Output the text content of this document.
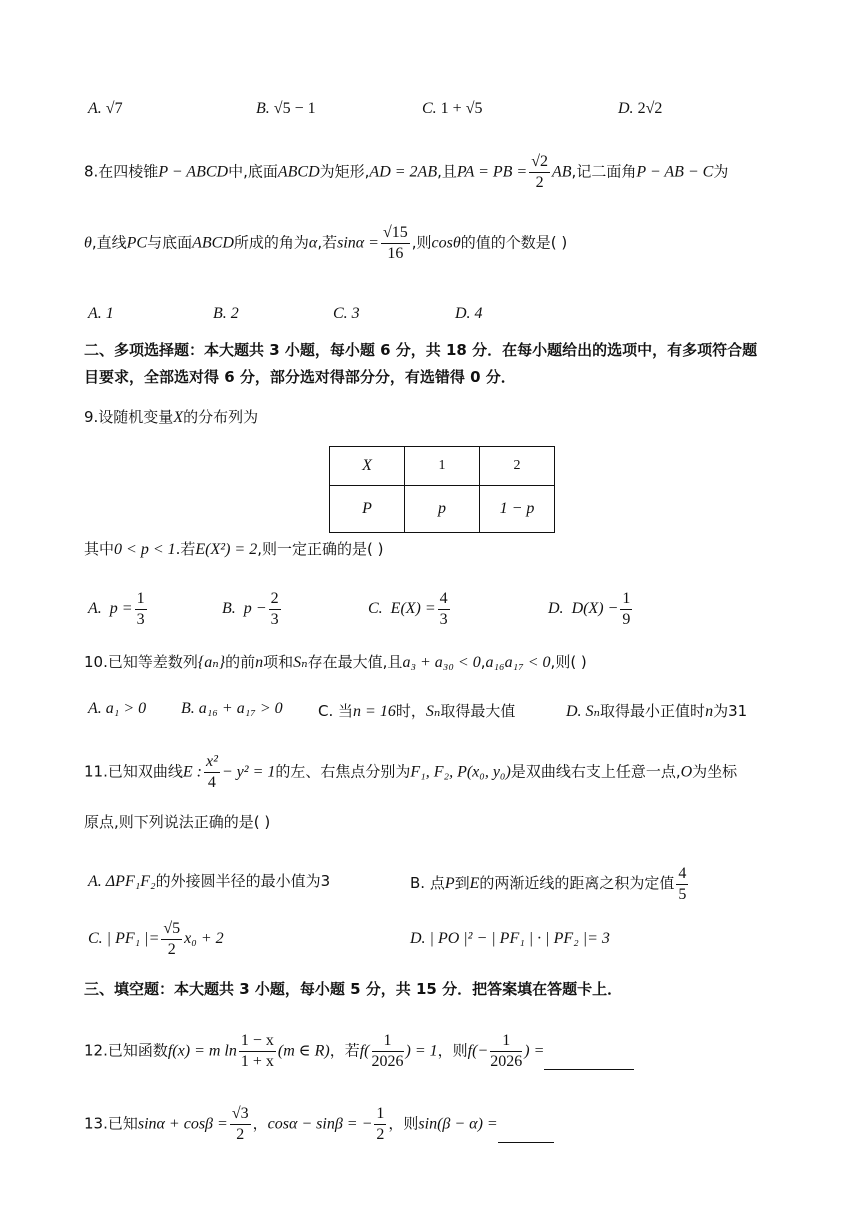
A. √7	B. √5 − 1	C. 1 + √5	D. 2√2
8.在四棱锥P − ABCD中,底面ABCD为矩形,AD = 2AB,且PA = PB = $\frac{√2}{2}$ AB,记二面角P − AB − C为
θ,直线PC与底面ABCD所成的角为α,若$\sin\alpha = \frac{√15}{16}$ ,则cosθ的值的个数是( )
A. 1	B. 2	C. 3	D. 4
二、多项选择题：本大题共 3 小题，每小题 6 分，共 18 分．在每小题给出的选项中，有多项符合题
目要求，全部选对得 6 分，部分选对得部分分，有选错得 0 分．
9.设随机变量X的分布列为
X	1	2
P	p	1 − p
其中0 < p < 1.若E(X²) = 2,则一定正确的是( )
A. $p = \frac{1}{3}$	B. $p - \frac{2}{3}$	C. $E(X) = \frac{4}{3}$	D. $D(X) - \frac{1}{9}$
10.已知等差数列{aₙ}的前n项和Sₙ存在最大值,且a₃ + a₃₀ < 0,a₁₆a₁₇ < 0,则( )
A. a₁ > 0 B. a₁₆ + a₁₇ > 0 C. 当n = 16时，Sₙ取得最大值	D. Sₙ取得最小正值时n为31
11.已知双曲线E : $\frac{\text{x²}}{4} - y^2 = 1$的左、右焦点分别为F₁, F₂, P(x₀, y₀)是双曲线右支上任意一点,O为坐标
原点,则下列说法正确的是( )
A. ΔPF₁F₂的外接圆半径的最小值为3	B. 点P到E的两渐近线的距离之积为定值 $\frac{4}{5}$
C. | PF₁ |= $\frac{√5}{2} x_0 + 2$	D. | PO |² − | PF₁ | · | PF₂ |= 3
三、填空题：本大题共 3 小题，每小题 5 分，共 15 分．把答案填在答题卡上．
12.已知函数f(x) = m $\ln \frac{1 - x}{1 + x} (m$ ∈ R)，若$f( \frac{1}{2026}$ ) = 1，则$f(- \frac{1}{2026}$ ) =
13.已知$\sin\alpha + \cos\beta = \frac{√3}{2}$ ，cosα − sinβ = − $\frac{1}{2}$ ，则sin(β − α) =
